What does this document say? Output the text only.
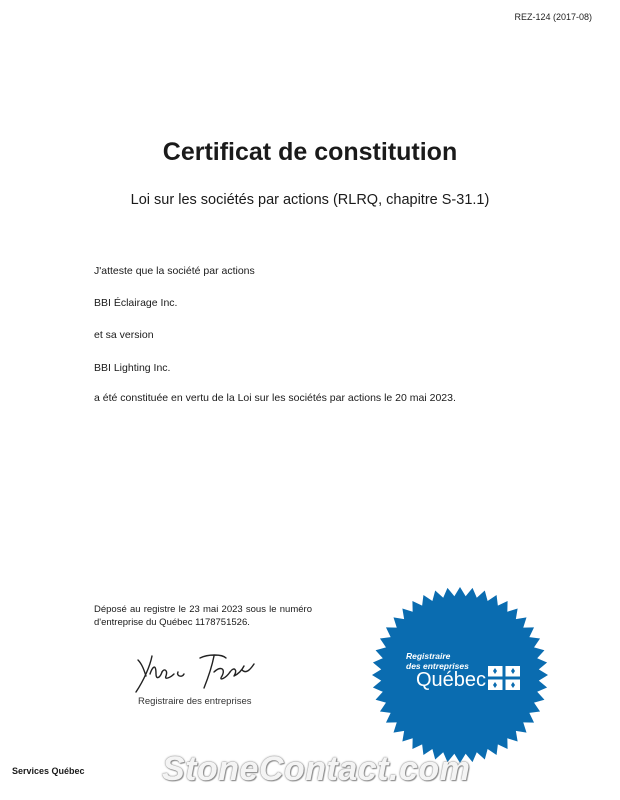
REZ-124 (2017-08)
Certificat de constitution
Loi sur les sociétés par actions (RLRQ, chapitre S-31.1)
J'atteste que la société par actions
BBI Éclairage Inc.
et sa version
BBI Lighting Inc.
a été constituée en vertu de la Loi sur les sociétés par actions le 20 mai 2023.
Déposé au registre le 23 mai 2023 sous le numéro d'entreprise du Québec 1178751526.
Registraire des entreprises
Registraire
des entreprises
Québec
Services Québec StoneContact.com
